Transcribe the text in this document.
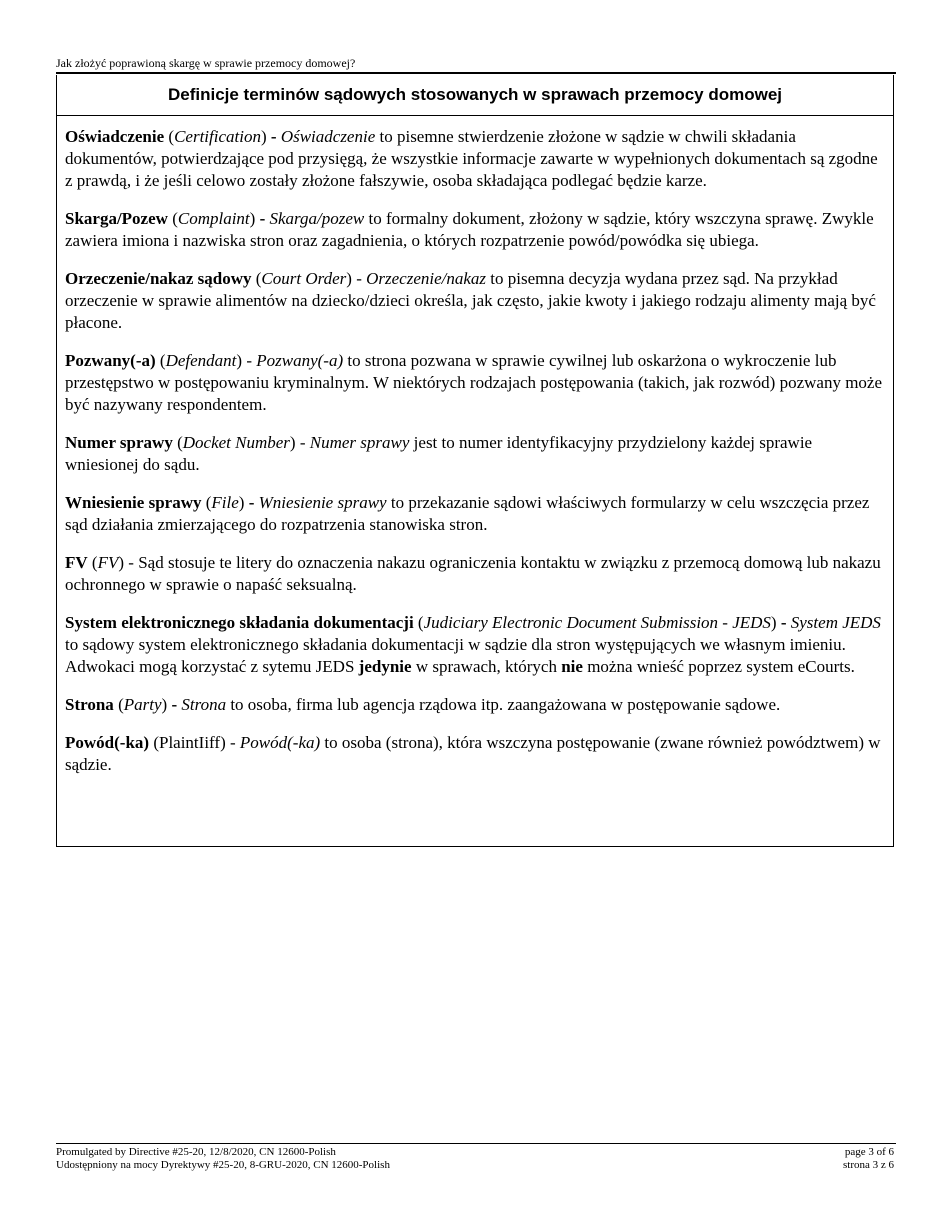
Jak złożyć poprawioną skargę w sprawie przemocy domowej?
Definicje terminów sądowych stosowanych w sprawach przemocy domowej

Oświadczenie (Certification) - Oświadczenie to pisemne stwierdzenie złożone w sądzie w chwili składania dokumentów, potwierdzające pod przysięgą, że wszystkie informacje zawarte w wypełnionych dokumentach są zgodne z prawdą, i że jeśli celowo zostały złożone fałszywie, osoba składająca podlegać będzie karze.

Skarga/Pozew (Complaint) - Skarga/pozew to formalny dokument, złożony w sądzie, który wszczyna sprawę. Zwykle zawiera imiona i nazwiska stron oraz zagadnienia, o których rozpatrzenie powód/powódka się ubiega.

Orzeczenie/nakaz sądowy (Court Order) - Orzeczenie/nakaz to pisemna decyzja wydana przez sąd. Na przykład orzeczenie w sprawie alimentów na dziecko/dzieci określa, jak często, jakie kwoty i jakiego rodzaju alimenty mają być płacone.

Pozwany(-a) (Defendant) - Pozwany(-a) to strona pozwana w sprawie cywilnej lub oskarżona o wykroczenie lub przestępstwo w postępowaniu kryminalnym. W niektórych rodzajach postępowania (takich, jak rozwód) pozwany może być nazywany respondentem.

Numer sprawy (Docket Number) - Numer sprawy jest to numer identyfikacyjny przydzielony każdej sprawie wniesionej do sądu.

Wniesienie sprawy (File) - Wniesienie sprawy to przekazanie sądowi właściwych formularzy w celu wszczęcia przez sąd działania zmierzającego do rozpatrzenia stanowiska stron.

FV (FV) - Sąd stosuje te litery do oznaczenia nakazu ograniczenia kontaktu w związku z przemocą domową lub nakazu ochronnego w sprawie o napaść seksualną.

System elektronicznego składania dokumentacji (Judiciary Electronic Document Submission - JEDS) - System JEDS to sądowy system elektronicznego składania dokumentacji w sądzie dla stron występujących we własnym imieniu. Adwokaci mogą korzystać z sytemu JEDS jedynie w sprawach, których nie można wnieść poprzez system eCourts.

Strona (Party) - Strona to osoba, firma lub agencja rządowa itp. zaangażowana w postępowanie sądowe.

Powód(-ka) (PlaintIiff) - Powód(-ka) to osoba (strona), która wszczyna postępowanie (zwane również powództwem) w sądzie.

Promulgated by Directive #25-20, 12/8/2020, CN 12600-Polish
Udostępniony na mocy Dyrektywy #25-20, 8-GRU-2020, CN 12600-Polish
page 3 of 6
strona 3 z 6
